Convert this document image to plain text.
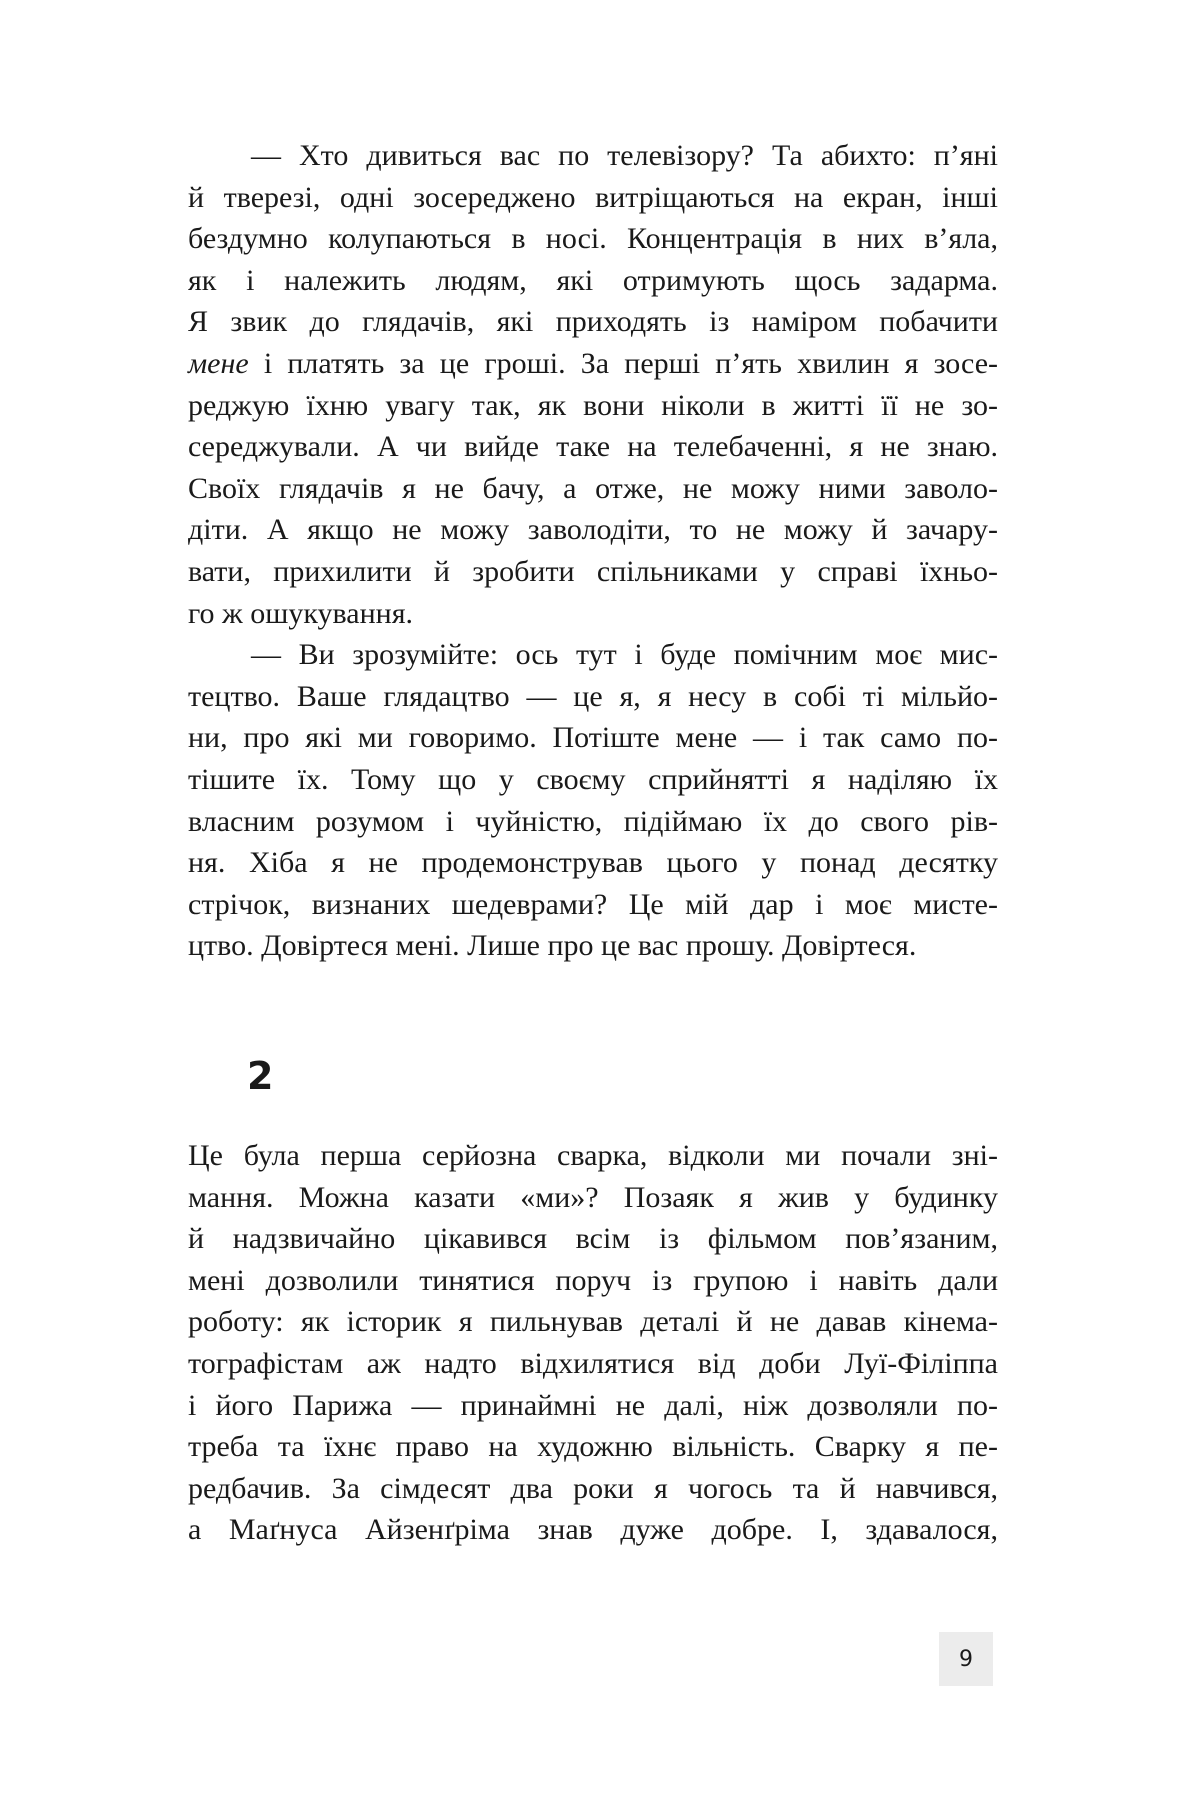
— Хто дивиться вас по телевізору? Та абихто: п’яні
й тверезі, одні зосереджено витріщаються на екран, інші
бездумно колупаються в носі. Концентрація в них в’яла,
як і належить людям, які отримують щось задарма.
Я звик до глядачів, які приходять із наміром побачити
мене і платять за це гроші. За перші п’ять хвилин я зосе-
реджую їхню увагу так, як вони ніколи в житті її не зо-
середжували. А чи вийде таке на телебаченні, я не знаю.
Своїх глядачів я не бачу, а отже, не можу ними заволо-
діти. А якщо не можу заволодіти, то не можу й зачару-
вати, прихилити й зробити спільниками у справі їхньо-
го ж ошукування.
— Ви зрозумійте: ось тут і буде помічним моє мис-
тецтво. Ваше глядацтво — це я, я несу в собі ті мільйо-
ни, про які ми говоримо. Потіште мене — і так само по-
тішите їх. Тому що у своєму сприйнятті я наділяю їх
власним розумом і чуйністю, підіймаю їх до свого рів-
ня. Хіба я не продемонстрував цього у понад десятку
стрічок, визнаних шедеврами? Це мій дар і моє мисте-
цтво. Довіртеся мені. Лише про це вас прошу. Довіртеся.
2
Це була перша серйозна сварка, відколи ми почали зні-
мання. Можна казати «ми»? Позаяк я жив у будинку
й надзвичайно цікавився всім із фільмом пов’язаним,
мені дозволили тинятися поруч із групою і навіть дали
роботу: як історик я пильнував деталі й не давав кінема-
тографістам аж надто відхилятися від доби Луї-Філіппа
і його Парижа — принаймні не далі, ніж дозволяли по-
треба та їхнє право на художню вільність. Сварку я пе-
редбачив. За сімдесят два роки я чогось та й навчився,
а Маґнуса Айзенґріма знав дуже добре. І, здавалося,
9
